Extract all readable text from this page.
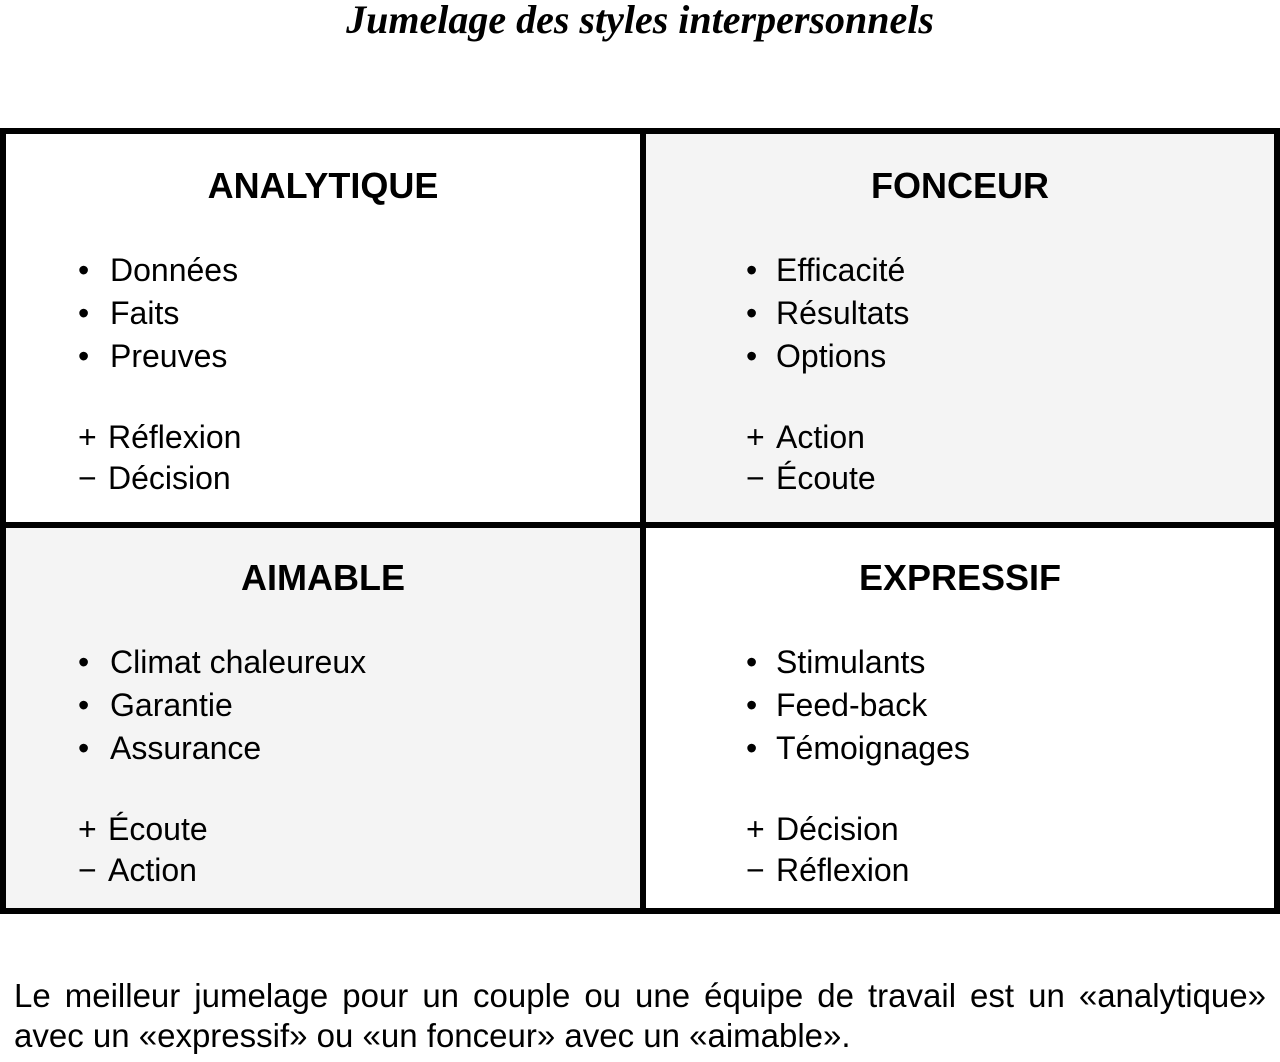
Jumelage des styles interpersonnels
ANALYTIQUE
• Données
• Faits
• Preuves
+ Réflexion
− Décision
FONCEUR
• Efficacité
• Résultats
• Options
+ Action
− Écoute
AIMABLE
• Climat chaleureux
• Garantie
• Assurance
+ Écoute
− Action
EXPRESSIF
• Stimulants
• Feed-back
• Témoignages
+ Décision
− Réflexion
Le meilleur jumelage pour un couple ou une équipe de travail est un «analytique» avec un «expressif» ou «un fonceur» avec un «aimable».
